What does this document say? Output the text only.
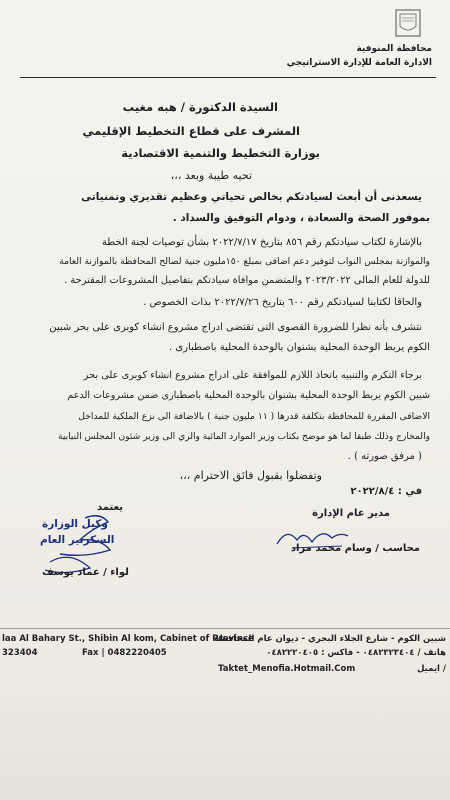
محافظة المنوفية
الادارة العامة للإدارة الاستراتيجي
السيدة الدكتورة / هبه مغيب
المشرف على قطاع التخطيط الإقليمي
بوزارة التخطيط والتنمية الاقتصادية
تحيه طيبة وبعد ،،،
يسعدنى أن أبعث لسيادتكم بخالص تحياتي وعظيم تقديري وتمنياتى
بموفور الصحة والسعادة ، ودوام التوفيق والسداد .
بالإشارة لكتاب سيادتكم رقم ٨٥٦ بتاريخ ٢٠٢٢/٧/١٧ بشأن توصيات لجنة الخطة
والموازنة بمجلس النواب لتوفير دعم اضافى بمبلغ ١٥٠مليون جنية لصالح المحافظة بالموازنة العامة
للدولة للعام المالى ٢٠٢٣/٢٠٢٢ والمتضمن موافاة سيادتكم بتفاصيل المشروعات المقترحة .
والحاقا لكتابنا لسيادتكم رقم ٦٠٠ بتاريخ ٢٠٢٢/٧/٢٦ بذات الخصوص .
نتشرف بأنه نظرا للضرورة القصوى التى تقتضى ادراج مشروع انشاء كوبرى على بحر شبين
الكوم يربط الوحدة المحلية بشنوان بالوحدة المحلية باصطبارى .
برجاء التكرم والتنبيه باتخاذ اللازم للموافقة على ادراج مشروع انشاء كوبرى على بحر
شبين الكوم يربط الوحدة المحلية بشنوان بالوحدة المحلية باصطبارى ضمن مشروعات الدعم
الاضافى المقررة للمحافظة بتكلفة قدرها ( ١١ مليون جنية ) بالاضافة الى نزع الملكية للمداخل
والمخارج وذلك طبقا لما هو موضح بكتاب وزير الموارد المائية والري الى وزير شئون المجلس النيابية
( مرفق صورته ) .
وتفضلوا بقبول فائق الاحترام ،،،
في : ٢٠٢٢/٨/٤
يعتمد
وكيل الوزارة
السكرتير العام
لواء / عماد يوسف
مدير عام الإدارة
محاسب / وسام محمد مراد
شبين الكوم - شارع الجلاء البحري - ديوان عام المحافظة
هاتف / ٠٤٨٢٣٢٣٤٠٤ - فاكس : ٠٤٨٢٢٢٠٤٠٥
/ ايميل
laa Al Bahary St., Shibin Al kom, Cabinet of Province
323404	Fax | 0482220405
Taktet_Menofia.Hotmail.Com
